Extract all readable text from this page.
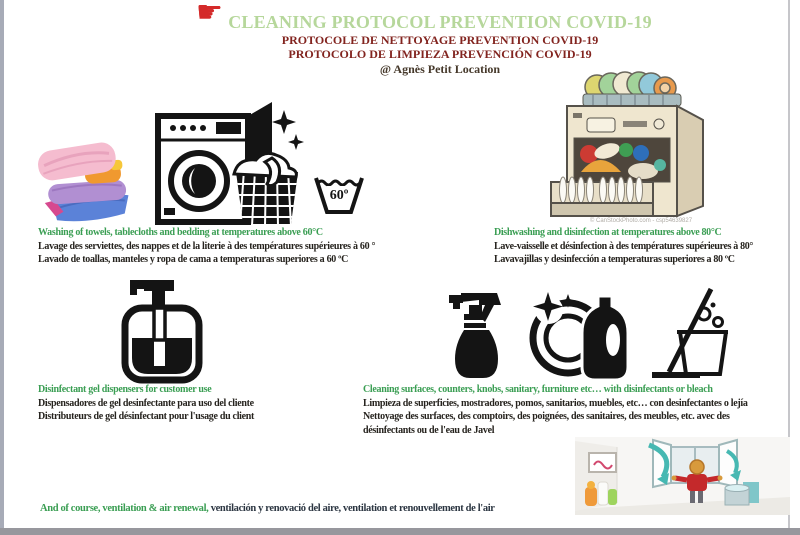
☛ CLEANING PROTOCOL PREVENTION COVID-19
PROTOCOLE DE NETTOYAGE PREVENTION COVID-19
PROTOCOLO DE LIMPIEZA PREVENCIÓN COVID-19
@ Agnès Petit Location
60º
© CanStockPhoto.com - csp54639827
Washing of towels, tablecloths and bedding at temperatures above 60°C
Lavage des serviettes, des nappes et de la literie à des températures supérieures à 60 °
Lavado de toallas, manteles y ropa de cama a temperaturas superiores a 60 ºC
Dishwashing and disinfection at temperatures above 80°C
Lave-vaisselle et désinfection à des températures supérieures à 80°
Lavavajillas y desinfección a temperaturas superiores a 80 ºC
Disinfectant gel dispensers for customer use
Dispensadores de gel desinfectante para uso del cliente
Distributeurs de gel désinfectant pour l'usage du client
Cleaning surfaces, counters, knobs, sanitary, furniture etc… with disinfectants or bleach
Limpieza de superficies, mostradores, pomos, sanitarios, muebles, etc… con desinfectantes o lejía
Nettoyage des surfaces, des comptoirs, des poignées, des sanitaires, des meubles, etc. avec des
désinfectants ou de l'eau de Javel
And of course, ventilation & air renewal, ventilación y renovació del aire, ventilation et renouvellement de l'air
